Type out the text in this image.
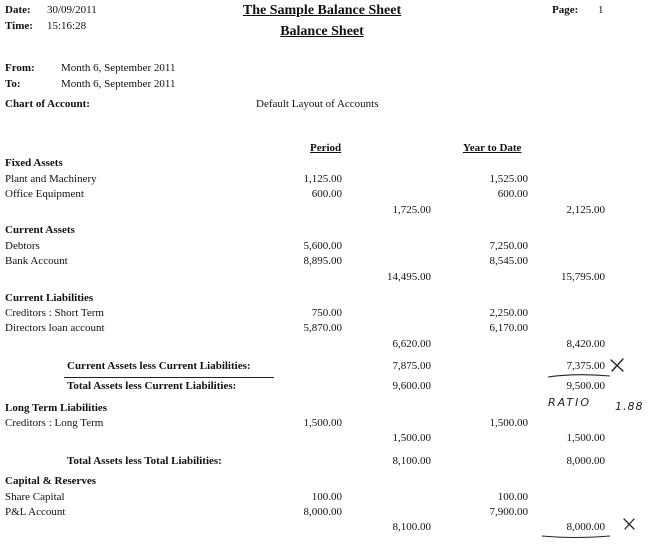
Date: 30/09/2011
Time: 15:16:28
The Sample Balance Sheet
Balance Sheet
Page: 1
From: Month 6, September 2011
To:	Month 6, September 2011
Chart of Account:	Default Layout of Accounts
Period	Year to Date
Fixed Assets
Plant and Machinery	1,125.00	1,525.00
Office Equipment	600.00	600.00
1,725.00	2,125.00
Current Assets
Debtors	5,600.00	7,250.00
Bank Account	8,895.00	8,545.00
14,495.00	15,795.00
Current Liabilities
Creditors : Short Term	750.00	2,250.00
Directors loan account	5,870.00	6,170.00
6,620.00	8,420.00
Current Assets less Current Liabilities:	7,875.00	7,375.00
Total Assets less Current Liabilities:	9,600.00	9,500.00
RATIO 1.88
Long Term Liabilities
Creditors : Long Term	1,500.00	1,500.00
1,500.00	1,500.00
Total Assets less Total Liabilities:	8,100.00	8,000.00
Capital & Reserves
Share Capital	100.00	100.00
P&L Account	8,000.00	7,900.00
8,100.00	8,000.00
